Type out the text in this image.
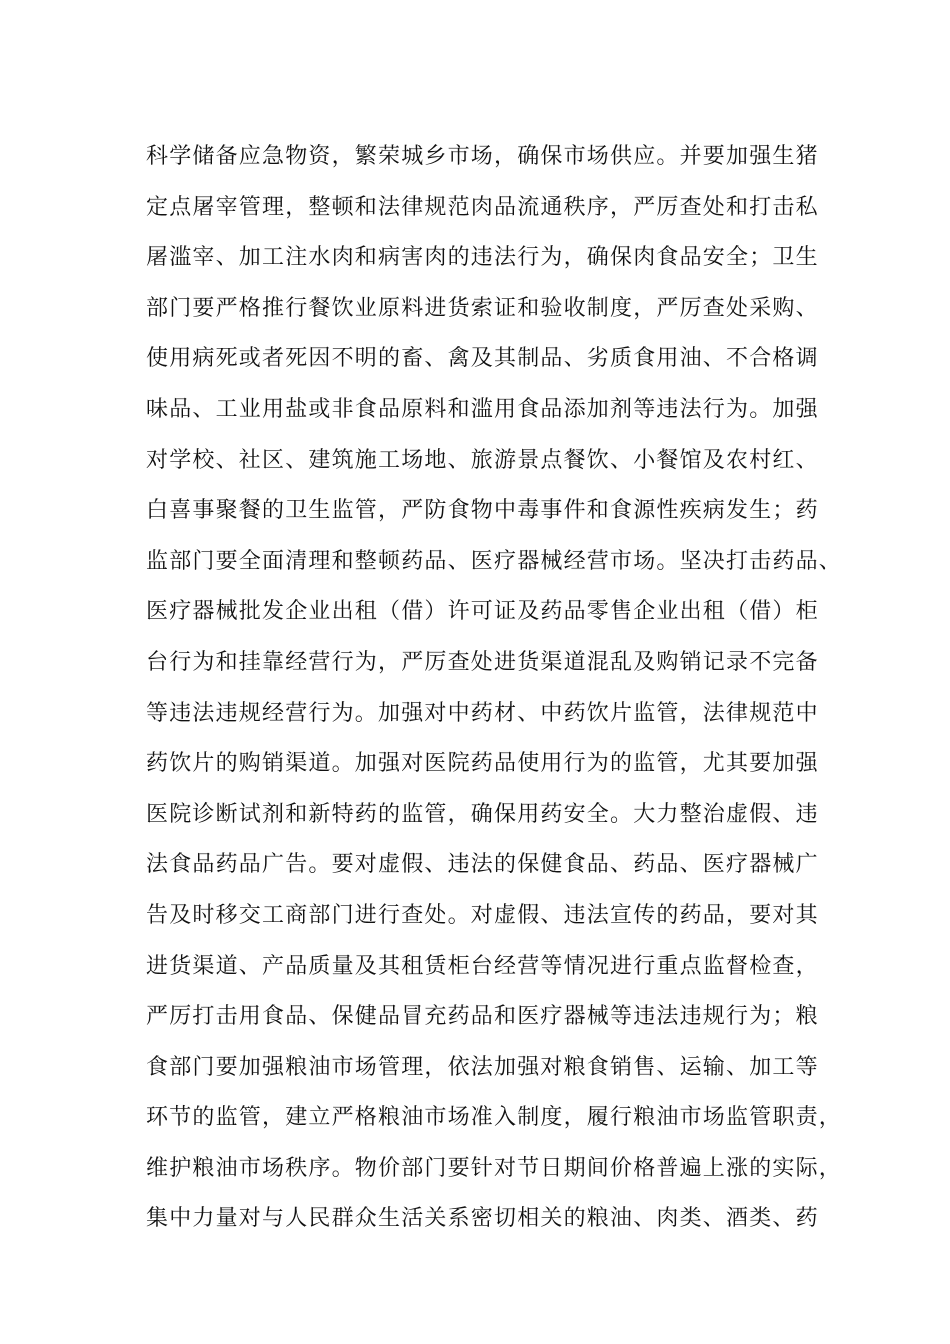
科学储备应急物资，繁荣城乡市场，确保市场供应。并要加强生猪
定点屠宰管理，整顿和法律规范肉品流通秩序，严厉查处和打击私
屠滥宰、加工注水肉和病害肉的违法行为，确保肉食品安全；卫生
部门要严格推行餐饮业原料进货索证和验收制度，严厉查处采购、
使用病死或者死因不明的畜、禽及其制品、劣质食用油、不合格调
味品、工业用盐或非食品原料和滥用食品添加剂等违法行为。加强
对学校、社区、建筑施工场地、旅游景点餐饮、小餐馆及农村红、
白喜事聚餐的卫生监管，严防食物中毒事件和食源性疾病发生；药
监部门要全面清理和整顿药品、医疗器械经营市场。坚决打击药品、
医疗器械批发企业出租（借）许可证及药品零售企业出租（借）柜
台行为和挂靠经营行为，严厉查处进货渠道混乱及购销记录不完备
等违法违规经营行为。加强对中药材、中药饮片监管，法律规范中
药饮片的购销渠道。加强对医院药品使用行为的监管，尤其要加强
医院诊断试剂和新特药的监管，确保用药安全。大力整治虚假、违
法食品药品广告。要对虚假、违法的保健食品、药品、医疗器械广
告及时移交工商部门进行查处。对虚假、违法宣传的药品，要对其
进货渠道、产品质量及其租赁柜台经营等情况进行重点监督检查，
严厉打击用食品、保健品冒充药品和医疗器械等违法违规行为；粮
食部门要加强粮油市场管理，依法加强对粮食销售、运输、加工等
环节的监管，建立严格粮油市场准入制度，履行粮油市场监管职责，
维护粮油市场秩序。物价部门要针对节日期间价格普遍上涨的实际，
集中力量对与人民群众生活关系密切相关的粮油、肉类、酒类、药
